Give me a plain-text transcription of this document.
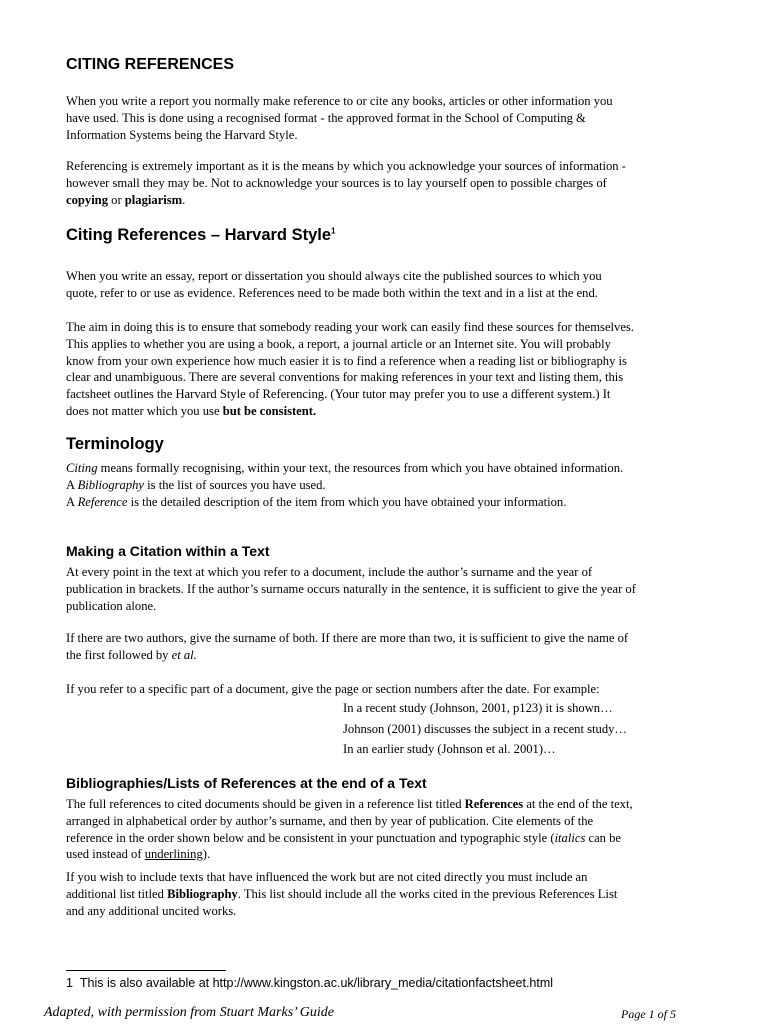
CITING REFERENCES

When you write a report you normally make reference to or cite any books, articles or other information you
have used. This is done using a recognised format - the approved format in the School of Computing &
Information Systems being the Harvard Style.

Referencing is extremely important as it is the means by which you acknowledge your sources of information -
however small they may be. Not to acknowledge your sources is to lay yourself open to possible charges of
copying or plagiarism.

Citing References – Harvard Style$^1$

When you write an essay, report or dissertation you should always cite the published sources to which you
quote, refer to or use as evidence. References need to be made both within the text and in a list at the end.

The aim in doing this is to ensure that somebody reading your work can easily find these sources for themselves.
This applies to whether you are using a book, a report, a journal article or an Internet site. You will probably
know from your own experience how much easier it is to find a reference when a reading list or bibliography is
clear and unambiguous. There are several conventions for making references in your text and listing them, this
factsheet outlines the Harvard Style of Referencing. (Your tutor may prefer you to use a different system.) It
does not matter which you use but be consistent.

Terminology

Citing means formally recognising, within your text, the resources from which you have obtained information.
A Bibliography is the list of sources you have used.
A Reference is the detailed description of the item from which you have obtained your information.

Making a Citation within a Text

At every point in the text at which you refer to a document, include the author’s surname and the year of
publication in brackets. If the author’s surname occurs naturally in the sentence, it is sufficient to give the year of
publication alone.

If there are two authors, give the surname of both. If there are more than two, it is sufficient to give the name of
the first followed by et al.

If you refer to a specific part of a document, give the page or section numbers after the date. For example:

In a recent study (Johnson, 2001, p123) it is shown…
Johnson (2001) discusses the subject in a recent study…
In an earlier study (Johnson et al. 2001)…
Bibliographies/Lists of References at the end of a Text

The full references to cited documents should be given in a reference list titled References at the end of the text,
arranged in alphabetical order by author’s surname, and then by year of publication. Cite elements of the
reference in the order shown below and be consistent in your punctuation and typographic style (italics can be
used instead of underlining).

If you wish to include texts that have influenced the work but are not cited directly you must include an
additional list titled Bibliography. This list should include all the works cited in the previous References List
and any additional uncited works.

1 This is also available at http://www.kingston.ac.uk/library_media/citationfactsheet.html
Adapted, with permission from Stuart Marks’ Guide	Page 1 of 5
